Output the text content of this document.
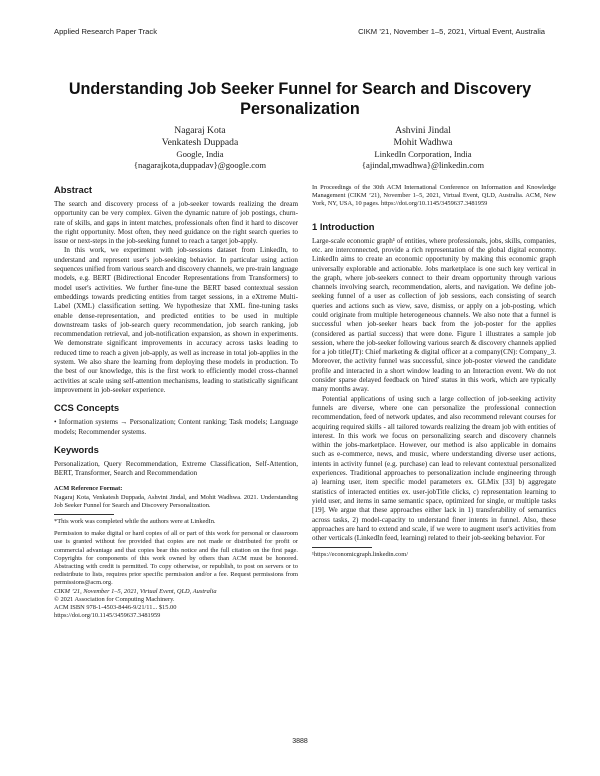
Applied Research Paper Track	CIKM ’21, November 1–5, 2021, Virtual Event, Australia
Understanding Job Seeker Funnel for Search and Discovery Personalization
Nagaraj Kota
Venkatesh Duppada
Google, India
{nagarajkota,duppadav}@google.com
Ashvini Jindal
Mohit Wadhwa
LinkedIn Corporation, India
{ajindal,mwadhwa}@linkedin.com
Abstract

The search and discovery process of a job-seeker towards realizing the dream opportunity can be very complex. Given the dynamic nature of job postings, churn-rate of skills, and gaps in intent matches, professionals often find it hard to discover the right opportunity. Most often, they need guidance on the right search queries to issue or next-steps in the job-seeking funnel to reach a target job-apply.

In this work, we experiment with job-sessions dataset from LinkedIn, to understand and represent user's job-seeking behavior. In particular using action sequences unified from various search and discovery channels, we pre-train language models, e.g. BERT (Bidirectional Encoder Representations from Transformers) to model user's activities. We further fine-tune the BERT based contextual session embeddings towards predicting entities from target sessions, in a eXtreme Multi-Label (XML) classification setting. We hypothesize that XML fine-tuning tasks enable dense-representation, and predicted entities to be used in multiple downstream tasks of job-search query recommendation, job search ranking, job recommendation retrieval, and job-notification expansion, as shown in experiments. We demonstrate significant improvements in accuracy across tasks leading to reduced time to reach a given job-apply, as well as increase in total job-applies in the system. We also share the learning from deploying these models in production. To the best of our knowledge, this is the first work to efficiently model cross-channel activities at scale using self-attention mechanisms, leading to statistically significant improvement in job-seeker experience.

CCS Concepts

• Information systems → Personalization; Content ranking; Task models; Language models; Recommender systems.

Keywords

Personalization, Query Recommendation, Extreme Classification, Self-Attention, BERT, Transformer, Search and Recommendation

ACM Reference Format:

Nagaraj Kota, Venkatesh Duppada, Ashvini Jindal, and Mohit Wadhwa. 2021. Understanding Job Seeker Funnel for Search and Discovery Personalization.

*This work was completed while the authors were at LinkedIn.

Permission to make digital or hard copies of all or part of this work for personal or classroom use is granted without fee provided that copies are not made or distributed for profit or commercial advantage and that copies bear this notice and the full citation on the first page. Copyrights for components of this work owned by others than ACM must be honored. Abstracting with credit is permitted. To copy otherwise, or republish, to post on servers or to redistribute to lists, requires prior specific permission and/or a fee. Request permissions from permissions@acm.org.

CIKM ’21, November 1–5, 2021, Virtual Event, QLD, Australia

© 2021 Association for Computing Machinery.

ACM ISBN 978-1-4503-8446-9/21/11... $15.00

https://doi.org/10.1145/3459637.3481959

In Proceedings of the 30th ACM International Conference on Information and Knowledge Management (CIKM ’21), November 1–5, 2021, Virtual Event, QLD, Australia. ACM, New York, NY, USA, 10 pages. https://doi.org/10.1145/3459637.3481959

1 Introduction

Large-scale economic graph¹ of entities, where professionals, jobs, skills, companies, etc. are interconnected, provide a rich representation of the global digital economy. LinkedIn aims to create an economic opportunity by making this economic graph universally explorable and actionable. Jobs marketplace is one such key vertical in the graph, where job-seekers connect to their dream opportunity through various channels involving search, recommendation, alerts, and navigation. We define job-seeking funnel of a user as collection of job sessions, each consisting of search queries and actions such as view, save, dismiss, or apply on a job-posting, which could originate from multiple heterogeneous channels. We also note that a funnel is successful when job-seeker hears back from the job-poster for the applies (considered as partial success) that were done. Figure 1 illustrates a sample job session, where the job-seeker following various search & discovery channels applied for a job title(JT): Chief marketing & digital officer at a company(CN): Company_3. Moreover, the activity funnel was successful, since job-poster viewed the candidate profile and interacted in a short window leading to an Interaction event. We do not consider sparse delayed feedback on 'hired' status in this work, which are typically many months away.

Potential applications of using such a large collection of job-seeking activity funnels are diverse, where one can personalize the professional connection recommendation, feed of network updates, and also recommend relevant courses for acquiring required skills - all tailored towards realizing the dream job with entities of interest. In this work we focus on personalizing search and discovery channels within the jobs-marketplace. However, our method is also applicable in domains such as e-commerce, news, and music, where understanding diverse user actions, intents in activity funnel (e.g. purchase) can lead to relevant contextual personalized experiences. Traditional approaches to personalization include engineering through a) learning user, item specific model parameters ex. GLMix [33] b) aggregate statistics of interacted entities ex. user-jobTitle clicks, c) representation learning to yield user, and items in same semantic space, optimized for single, or multiple tasks [19]. We argue that these approaches either lack in 1) transferability of semantics across tasks, 2) model-capacity to understand finer intents in funnel. Also, these approaches are hard to extend and scale, if we were to augment user's activities from other verticals (LinkedIn feed, learning) related to their job-seeking behavior. For

¹https://economicgraph.linkedin.com/

3888
